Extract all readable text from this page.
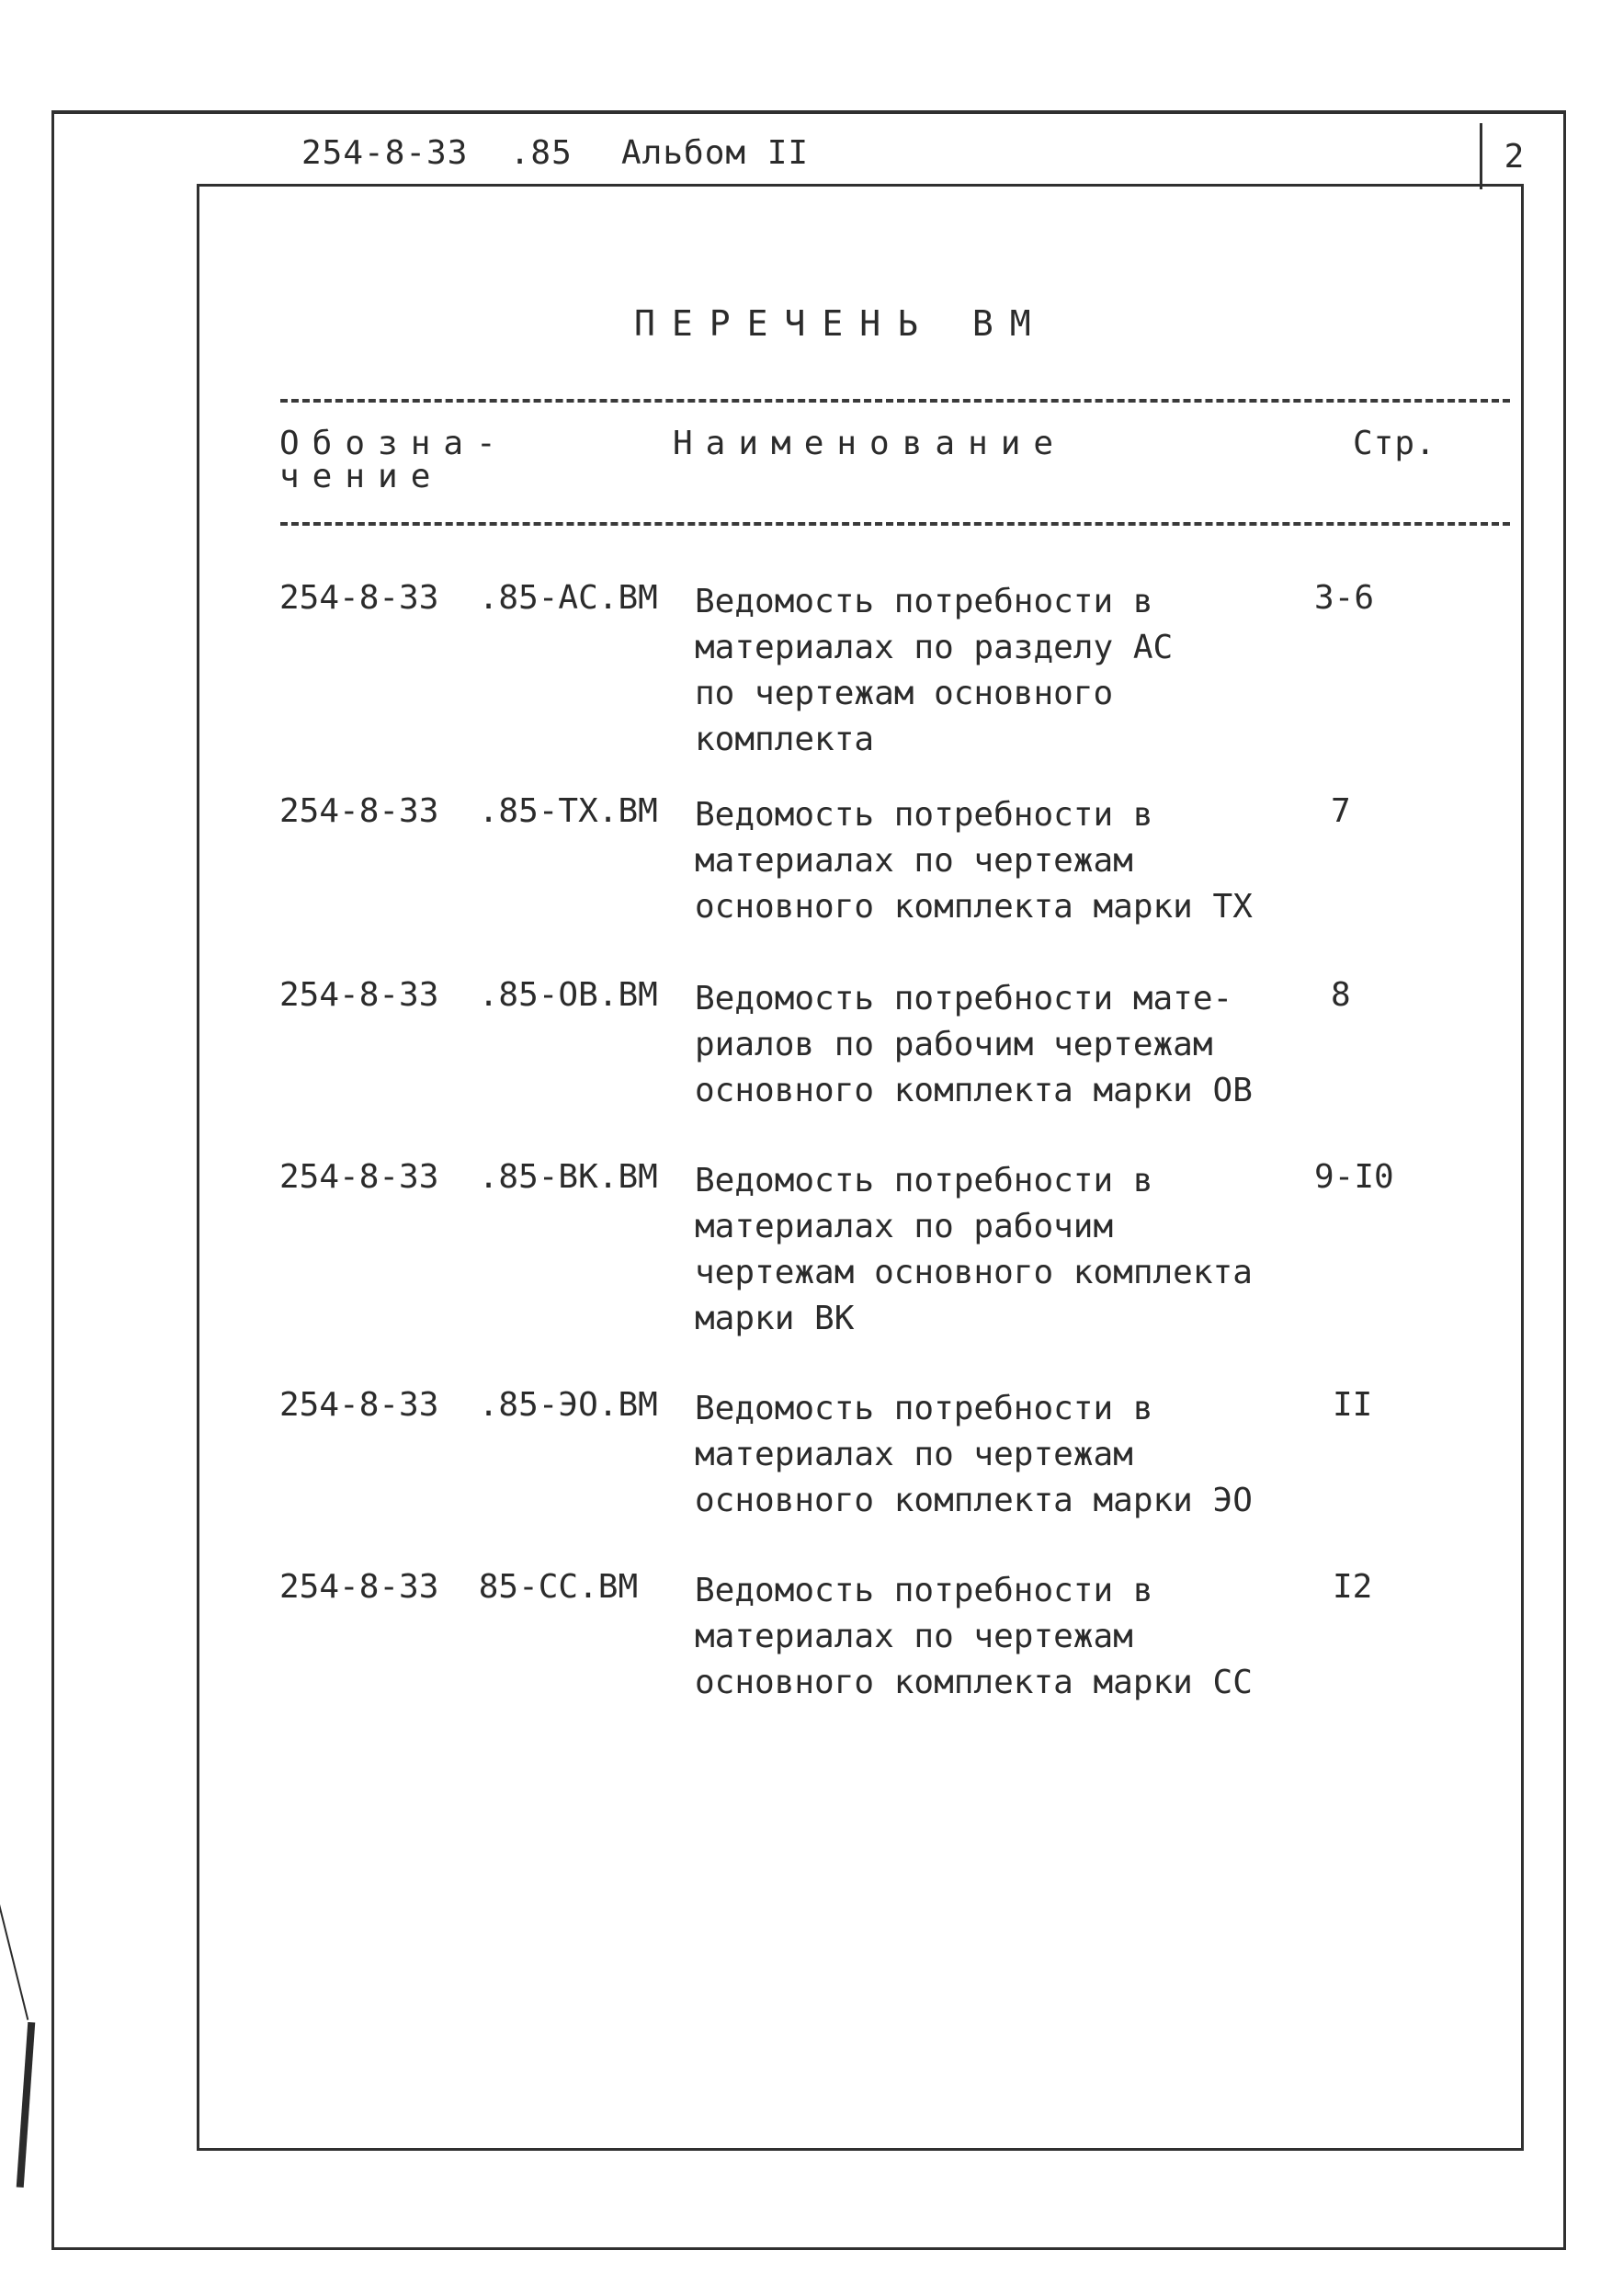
254-8-33  .85 Альбом II	2
ПЕРЕЧЕНЬ ВМ
Обозна-
чение
Наименование	Стр.
254-8-33  .85-АС.ВМ Ведомость потребности в
материалах по разделу АС
по чертежам основного
комплекта
3-6
254-8-33  .85-ТХ.ВМ Ведомость потребности в
материалах по чертежам
основного комплекта марки ТХ
7
254-8-33  .85-ОВ.ВМ Ведомость потребности мате-
риалов по рабочим чертежам
основного комплекта марки ОВ
8
254-8-33  .85-ВК.ВМ Ведомость потребности в
материалах по рабочим
чертежам основного комплекта
марки ВК
9-I0
254-8-33  .85-ЭО.ВМ Ведомость потребности в
материалах по чертежам
основного комплекта марки ЭО
II
254-8-33  85-СС.ВМ Ведомость потребности в
материалах по чертежам
основного комплекта марки СС
I2
